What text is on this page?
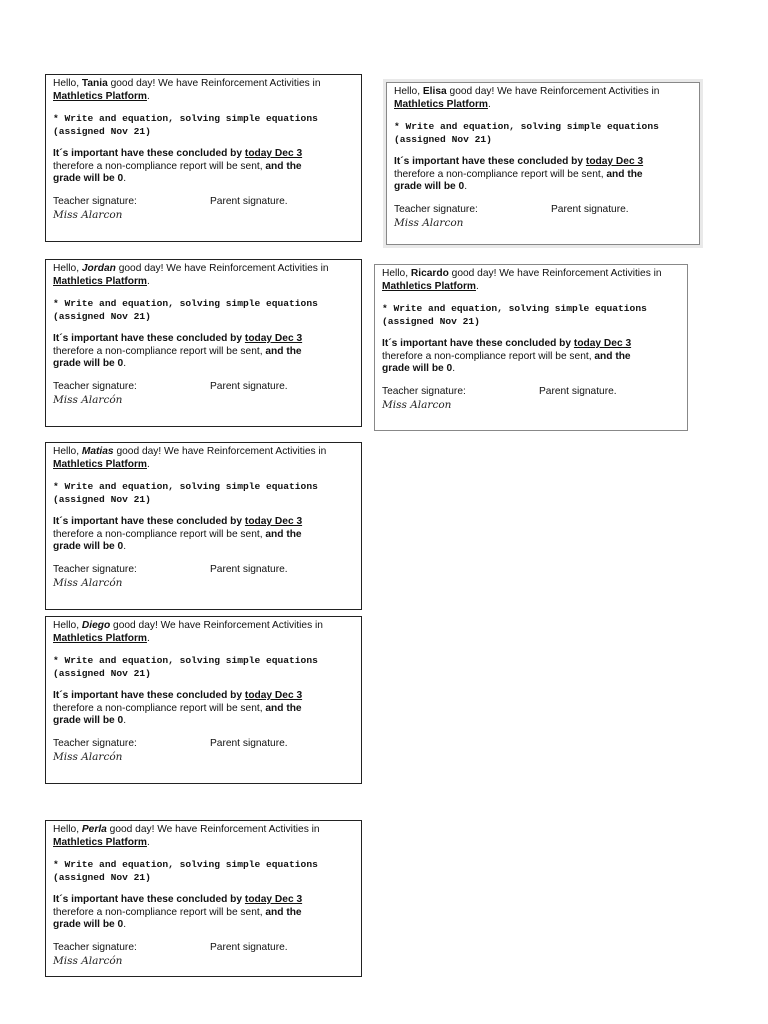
Hello, Tania good day! We have Reinforcement Activities in
Mathletics Platform.
* Write and equation, solving simple equations
(assigned Nov 21)
It´s important have these concluded by today Dec 3
therefore a non-compliance report will be sent, and the
grade will be 0.
Teacher signature:	Parent signature.
Miss Alarcon
Hello, Elisa good day! We have Reinforcement Activities in
Mathletics Platform.
* Write and equation, solving simple equations
(assigned Nov 21)
It´s important have these concluded by today Dec 3
therefore a non-compliance report will be sent, and the
grade will be 0.
Teacher signature:	Parent signature.
Miss Alarcon
Hello, Jordan good day! We have Reinforcement Activities in
Mathletics Platform.
* Write and equation, solving simple equations
(assigned Nov 21)
It´s important have these concluded by today Dec 3
therefore a non-compliance report will be sent, and the
grade will be 0.
Teacher signature:	Parent signature.
Miss Alarcón
Hello, Ricardo good day! We have Reinforcement Activities in
Mathletics Platform.
* Write and equation, solving simple equations
(assigned Nov 21)
It´s important have these concluded by today Dec 3
therefore a non-compliance report will be sent, and the
grade will be 0.
Teacher signature:	Parent signature.
Miss Alarcon
Hello, Matias good day! We have Reinforcement Activities in
Mathletics Platform.
* Write and equation, solving simple equations
(assigned Nov 21)
It´s important have these concluded by today Dec 3
therefore a non-compliance report will be sent, and the
grade will be 0.
Teacher signature:	Parent signature.
Miss Alarcón
Hello, Diego good day! We have Reinforcement Activities in
Mathletics Platform.
* Write and equation, solving simple equations
(assigned Nov 21)
It´s important have these concluded by today Dec 3
therefore a non-compliance report will be sent, and the
grade will be 0.
Teacher signature:	Parent signature.
Miss Alarcón
Hello, Perla good day! We have Reinforcement Activities in
Mathletics Platform.
* Write and equation, solving simple equations
(assigned Nov 21)
It´s important have these concluded by today Dec 3
therefore a non-compliance report will be sent, and the
grade will be 0.
Teacher signature:	Parent signature.
Miss Alarcón
